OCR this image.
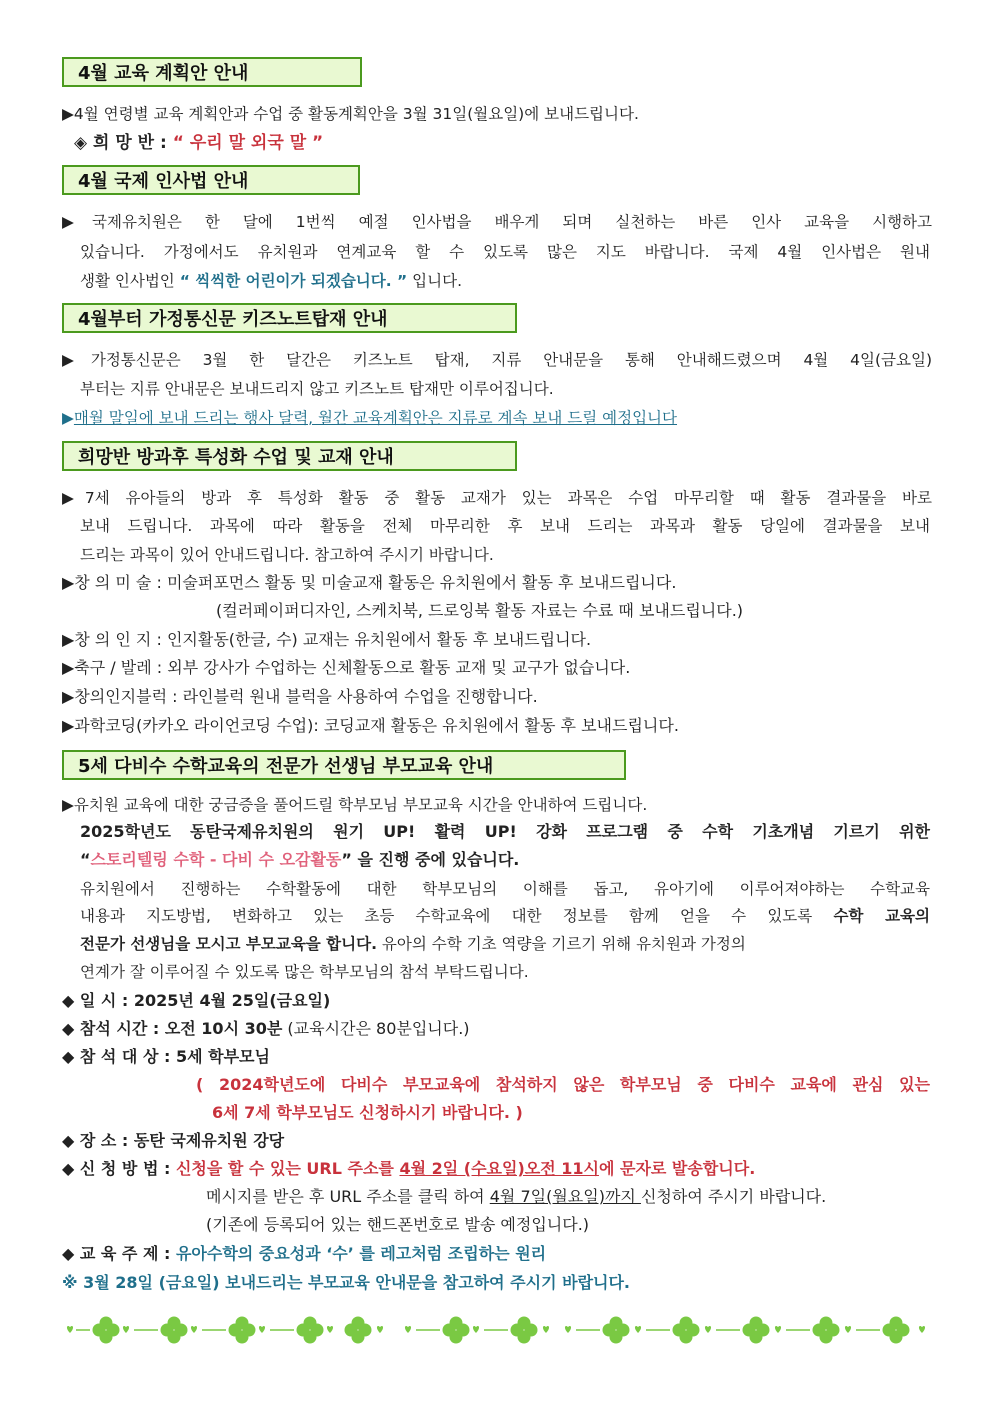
4월 교육 계획안 안내
▶4월 연령별 교육 계획안과 수업 중 활동계획안을 3월 31일(월요일)에 보내드립니다.
◈ 희 망 반 : “ 우리 말 외국 말 ”
4월 국제 인사법 안내
▶국제유치원은 한 달에 1번씩 예절 인사법을 배우게 되며 실천하는 바른 인사 교육을 시행하고
있습니다. 가정에서도 유치원과 연계교육 할 수 있도록 많은 지도 바랍니다. 국제 4월 인사법은 원내
생활 인사법인 “ 씩씩한 어린이가 되겠습니다. ” 입니다.
4월부터 가정통신문 키즈노트탑재 안내
▶가정통신문은 3월 한 달간은 키즈노트 탑재, 지류 안내문을 통해 안내해드렸으며 4월 4일(금요일)
부터는 지류 안내문은 보내드리지 않고 키즈노트 탑재만 이루어집니다.
▶매월 말일에 보내 드리는 행사 달력, 월간 교육계획안은 지류로 계속 보내 드릴 예정입니다
희망반 방과후 특성화 수업 및 교재 안내
▶7세 유아들의 방과 후 특성화 활동 중 활동 교재가 있는 과목은 수업 마무리할 때 활동 결과물을 바로
보내 드립니다. 과목에 따라 활동을 전체 마무리한 후 보내 드리는 과목과 활동 당일에 결과물을 보내
드리는 과목이 있어 안내드립니다. 참고하여 주시기 바랍니다.
▶창 의 미 술 : 미술퍼포먼스 활동 및 미술교재 활동은 유치원에서 활동 후 보내드립니다.
(컬러페이퍼디자인, 스케치북, 드로잉북 활동 자료는 수료 때 보내드립니다.)
▶창 의 인 지 : 인지활동(한글, 수) 교재는 유치원에서 활동 후 보내드립니다.
▶축구 / 발레 : 외부 강사가 수업하는 신체활동으로 활동 교재 및 교구가 없습니다.
▶창의인지블럭 : 라인블럭 원내 블럭을 사용하여 수업을 진행합니다.
▶과학코딩(카카오 라이언코딩 수업): 코딩교재 활동은 유치원에서 활동 후 보내드립니다.
5세 다비수 수학교육의 전문가 선생님 부모교육 안내
▶유치원 교육에 대한 궁금증을 풀어드릴 학부모님 부모교육 시간을 안내하여 드립니다.
2025학년도 동탄국제유치원의 원기 UP! 활력 UP! 강화 프로그램 중 수학 기초개념 기르기 위한
“스토리텔링 수학 - 다비 수 오감활동” 을 진행 중에 있습니다.
유치원에서 진행하는 수학활동에 대한 학부모님의 이해를 돕고, 유아기에 이루어져야하는 수학교육
내용과 지도방법, 변화하고 있는 초등 수학교육에 대한 정보를 함께 얻을 수 있도록 수학 교육의
전문가 선생님을 모시고 부모교육을 합니다. 유아의 수학 기초 역량을 기르기 위해 유치원과 가정의
연계가 잘 이루어질 수 있도록 많은 학부모님의 참석 부탁드립니다.
◆ 일 시 : 2025년 4월 25일(금요일)
◆ 참석 시간 : 오전 10시 30분 (교육시간은 80분입니다.)
◆ 참 석 대 상 : 5세 학부모님
( 2024학년도에 다비수 부모교육에 참석하지 않은 학부모님 중 다비수 교육에 관심 있는
6세 7세 학부모님도 신청하시기 바랍니다. )
◆ 장 소 : 동탄 국제유치원 강당
◆ 신 청 방 법 : 신청을 할 수 있는 URL 주소를 4월 2일 (수요일)오전 11시에 문자로 발송합니다.
메시지를 받은 후 URL 주소를 클릭 하여 4월 7일(월요일)까지 신청하여 주시기 바랍니다.
(기존에 등록되어 있는 핸드폰번호로 발송 예정입니다.)
◆ 교 육 주 제 : 유아수학의 중요성과 ‘수’ 를 레고처럼 조립하는 원리
※ 3월 28일 (금요일) 보내드리는 부모교육 안내문을 참고하여 주시기 바랍니다.
